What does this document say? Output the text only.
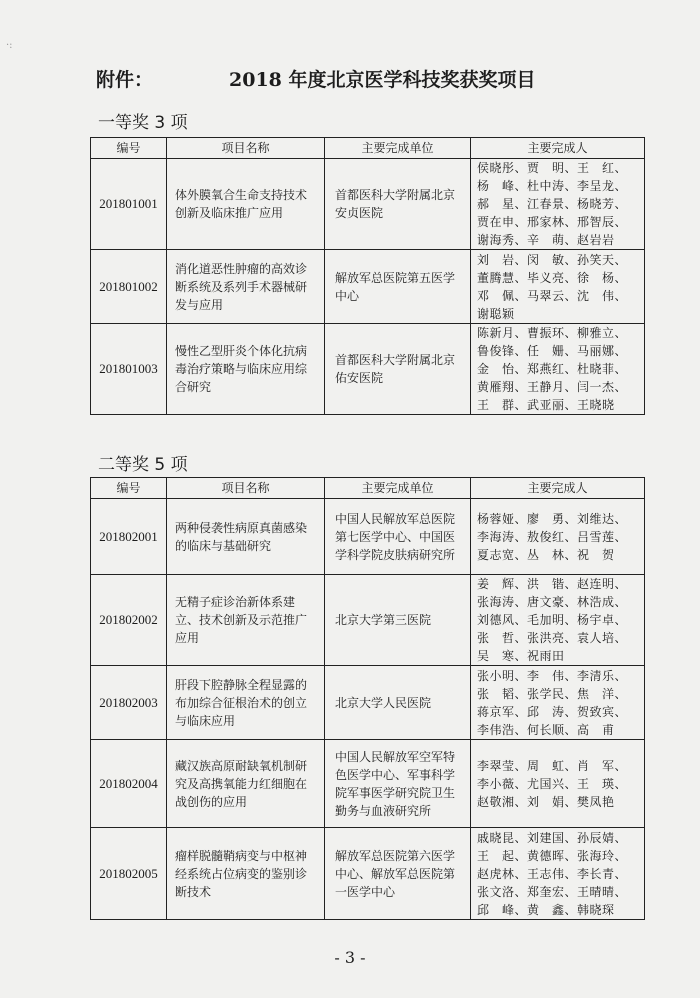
·:
附件：	2018 年度北京医学科技奖获奖项目
一等奖 3 项
编号	项目名称	主要完成单位	主要完成人
201801001	体外膜氧合生命支持技术创新及临床推广应用	首都医科大学附属北京安贞医院	侯晓彤、贾　明、王　红、
杨　峰、杜中涛、李呈龙、
郝　星、江春景、杨晓芳、
贾在申、邢家林、邢智辰、
谢海秀、辛　萌、赵岩岩

201801002	消化道恶性肿瘤的高效诊断系统及系列手术器械研发与应用	解放军总医院第五医学中心	刘　岩、闵　敏、孙笑天、
董腾慧、毕义亮、徐　杨、
邓　佩、马翠云、沈　伟、
谢聪颖

201801003	慢性乙型肝炎个体化抗病毒治疗策略与临床应用综合研究	首都医科大学附属北京佑安医院	陈新月、曹振环、柳雅立、
鲁俊锋、任　姗、马丽娜、
金　怡、郑燕红、杜晓菲、
黄雁翔、王静月、闫一杰、
王　群、武亚丽、王晓晓
二等奖 5 项
编号	项目名称	主要完成单位	主要完成人
201802001	两种侵袭性病原真菌感染的临床与基础研究	中国人民解放军总医院第七医学中心、中国医学科学院皮肤病研究所	杨蓉娅、廖　勇、刘维达、
李海涛、敖俊红、吕雪莲、
夏志宽、丛　林、祝　贺

201802002	无精子症诊治新体系建立、技术创新及示范推广应用	北京大学第三医院	姜　辉、洪　锴、赵连明、
张海涛、唐文豪、林浩成、
刘德风、毛加明、杨宇卓、
张　哲、张洪亮、袁人培、
吴　寒、祝雨田

201802003	肝段下腔静脉全程显露的布加综合征根治术的创立与临床应用	北京大学人民医院	张小明、李　伟、李清乐、
张　韬、张学民、焦　洋、
蒋京军、邱　涛、贺致宾、
李伟浩、何长顺、高　甫

201802004	藏汉族高原耐缺氧机制研究及高携氧能力红细胞在战创伤的应用	中国人民解放军空军特色医学中心、军事科学院军事医学研究院卫生勤务与血液研究所	李翠莹、周　虹、肖　军、
李小薇、尤国兴、王　瑛、
赵敬湘、刘　娟、樊凤艳

201802005	瘤样脱髓鞘病变与中枢神经系统占位病变的鉴别诊断技术	解放军总医院第六医学中心、解放军总医院第一医学中心	戚晓昆、刘建国、孙辰婧、
王　起、黄德晖、张海玲、
赵虎林、王志伟、李长青、
张文洛、郑奎宏、王晴晴、
邱　峰、黄　鑫、韩晓琛
- 3 -
